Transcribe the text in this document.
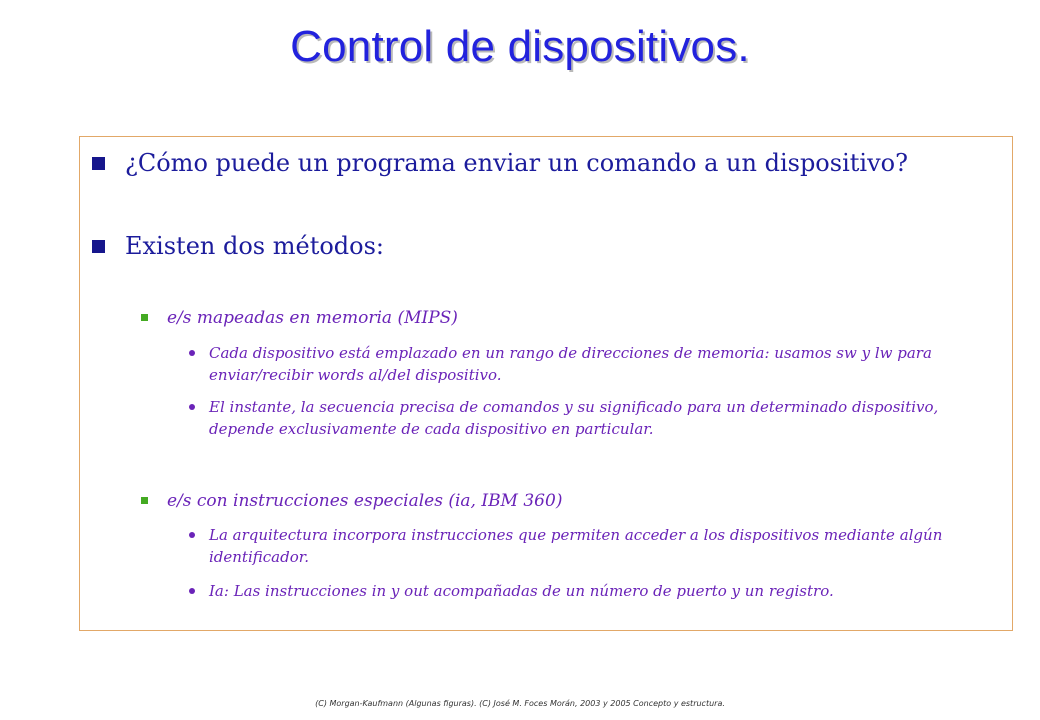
Control de dispositivos.
¿Cómo puede un programa enviar un comando a un dispositivo?
Existen dos métodos:
e/s mapeadas en memoria (MIPS)
Cada dispositivo está emplazado en un rango de direcciones de memoria: usamos sw y lw para enviar/recibir words al/del dispositivo.
El instante, la secuencia precisa de comandos y su significado para un determinado dispositivo, depende exclusivamente de cada dispositivo en particular.
e/s con instrucciones especiales (ia, IBM 360)
La arquitectura incorpora instrucciones que permiten acceder a los dispositivos mediante algún identificador.
Ia: Las instrucciones in y out acompañadas de un número de puerto y un registro.
(C) Morgan-Kaufmann (Algunas figuras). (C) José M. Foces Morán, 2003 y 2005 Concepto y estructura.
